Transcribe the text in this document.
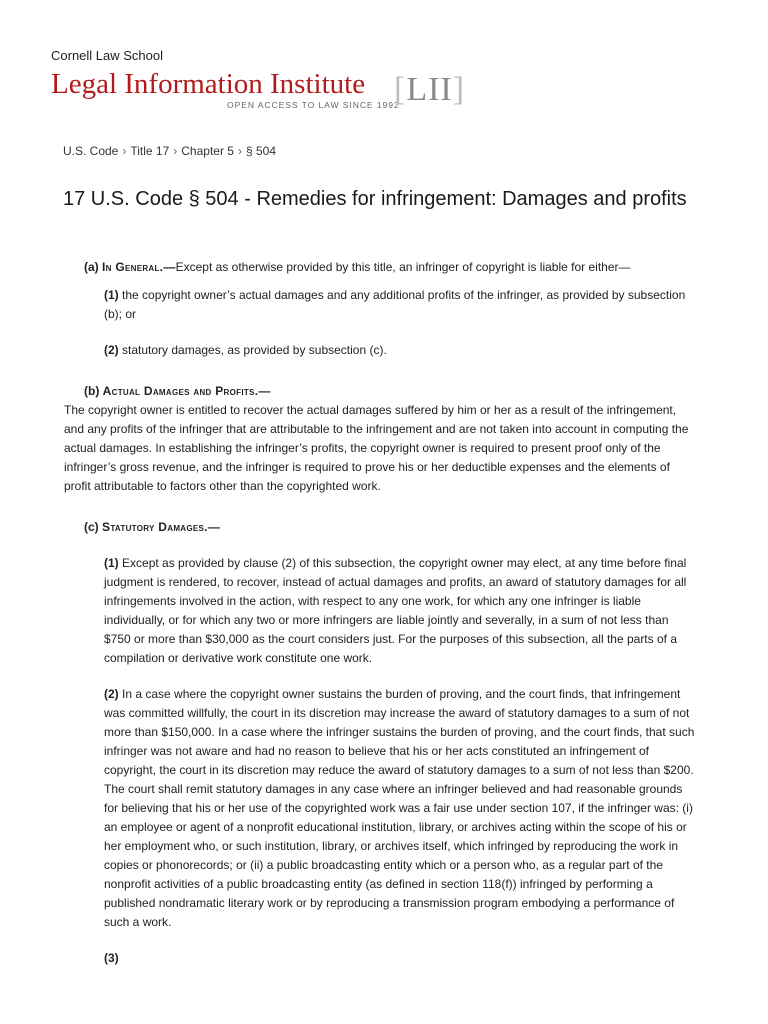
Cornell Law School
Legal Information Institute
OPEN ACCESS TO LAW SINCE 1992
[LII]
U.S. Code › Title 17 › Chapter 5 › § 504
17 U.S. Code § 504 - Remedies for infringement: Damages and profits

(a) In General.—Except as otherwise provided by this title, an infringer of copyright is liable for either—

(1) the copyright owner’s actual damages and any additional profits of the infringer, as provided by subsection (b); or

(2) statutory damages, as provided by subsection (c).

(b) Actual Damages and Profits.—

The copyright owner is entitled to recover the actual damages suffered by him or her as a result of the infringement, and any profits of the infringer that are attributable to the infringement and are not taken into account in computing the actual damages. In establishing the infringer’s profits, the copyright owner is required to present proof only of the infringer’s gross revenue, and the infringer is required to prove his or her deductible expenses and the elements of profit attributable to factors other than the copyrighted work.

(c) Statutory Damages.—

(1) Except as provided by clause (2) of this subsection, the copyright owner may elect, at any time before final judgment is rendered, to recover, instead of actual damages and profits, an award of statutory damages for all infringements involved in the action, with respect to any one work, for which any one infringer is liable individually, or for which any two or more infringers are liable jointly and severally, in a sum of not less than $750 or more than $30,000 as the court considers just. For the purposes of this subsection, all the parts of a compilation or derivative work constitute one work.

(2) In a case where the copyright owner sustains the burden of proving, and the court finds, that infringement was committed willfully, the court in its discretion may increase the award of statutory damages to a sum of not more than $150,000. In a case where the infringer sustains the burden of proving, and the court finds, that such infringer was not aware and had no reason to believe that his or her acts constituted an infringement of copyright, the court in its discretion may reduce the award of statutory damages to a sum of not less than $200. The court shall remit statutory damages in any case where an infringer believed and had reasonable grounds for believing that his or her use of the copyrighted work was a fair use under section 107, if the infringer was: (i) an employee or agent of a nonprofit educational institution, library, or archives acting within the scope of his or her employment who, or such institution, library, or archives itself, which infringed by reproducing the work in copies or phonorecords; or (ii) a public broadcasting entity which or a person who, as a regular part of the nonprofit activities of a public broadcasting entity (as defined in section 118(f)) infringed by performing a published nondramatic literary work or by reproducing a transmission program embodying a performance of such a work.

(3)
